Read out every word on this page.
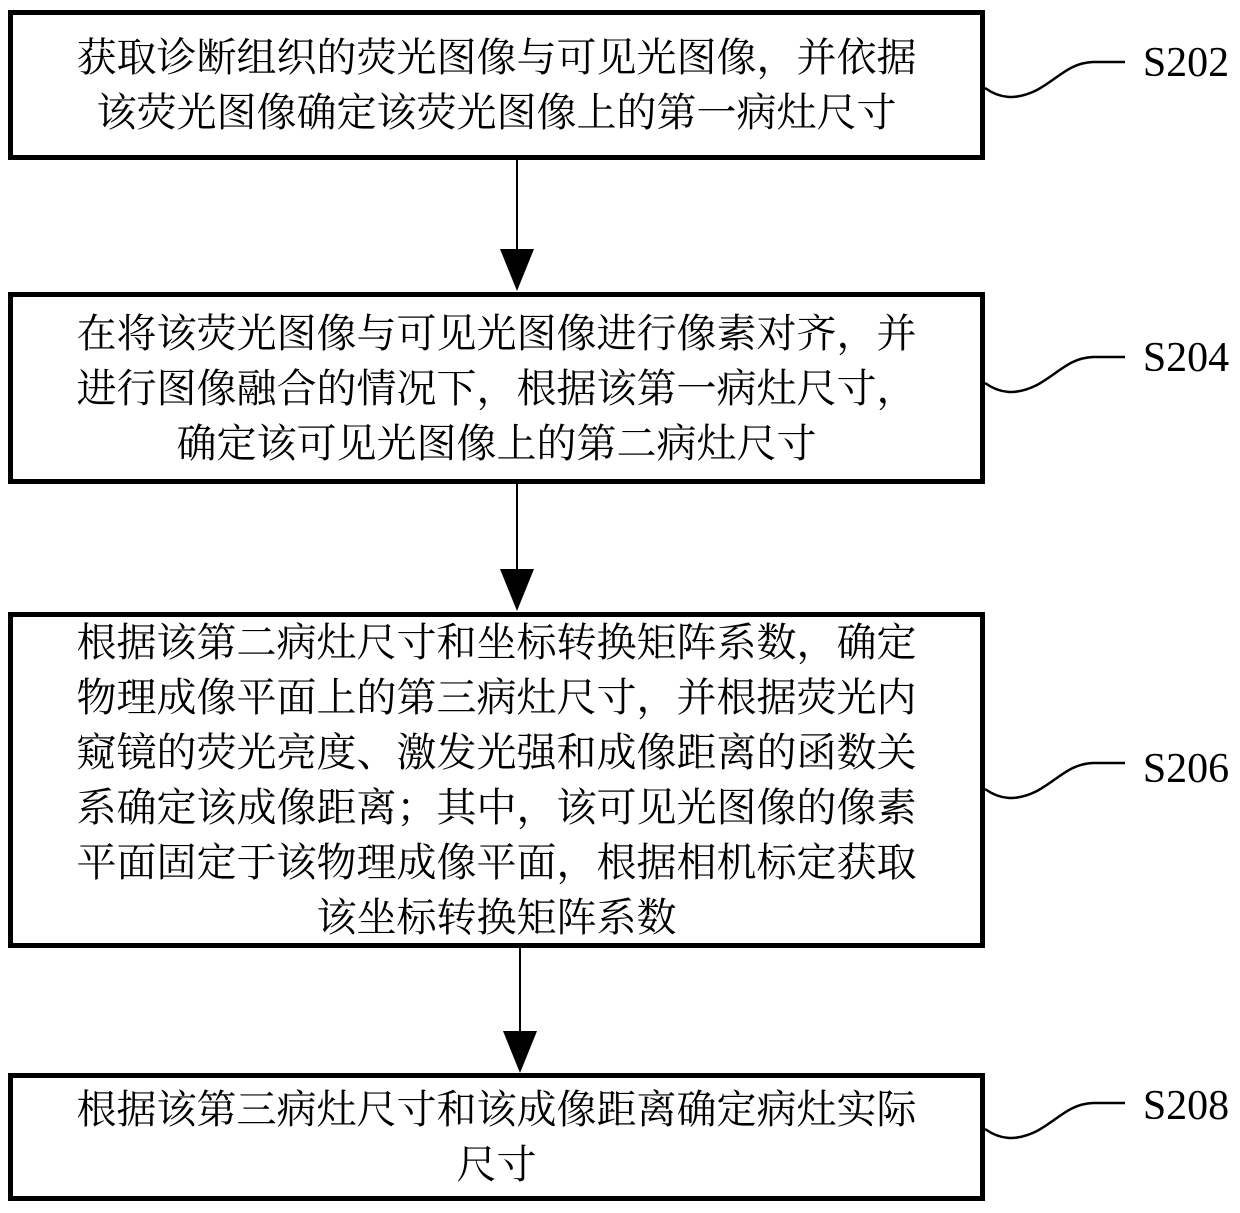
获取诊断组织的荧光图像与可见光图像，并依据
该荧光图像确定该荧光图像上的第一病灶尺寸
在将该荧光图像与可见光图像进行像素对齐，并
进行图像融合的情况下，根据该第一病灶尺寸，
确定该可见光图像上的第二病灶尺寸
根据该第二病灶尺寸和坐标转换矩阵系数，确定
物理成像平面上的第三病灶尺寸，并根据荧光内
窥镜的荧光亮度、激发光强和成像距离的函数关
系确定该成像距离；其中，该可见光图像的像素
平面固定于该物理成像平面，根据相机标定获取
该坐标转换矩阵系数
根据该第三病灶尺寸和该成像距离确定病灶实际
尺寸
S202
S204
S206
S208
